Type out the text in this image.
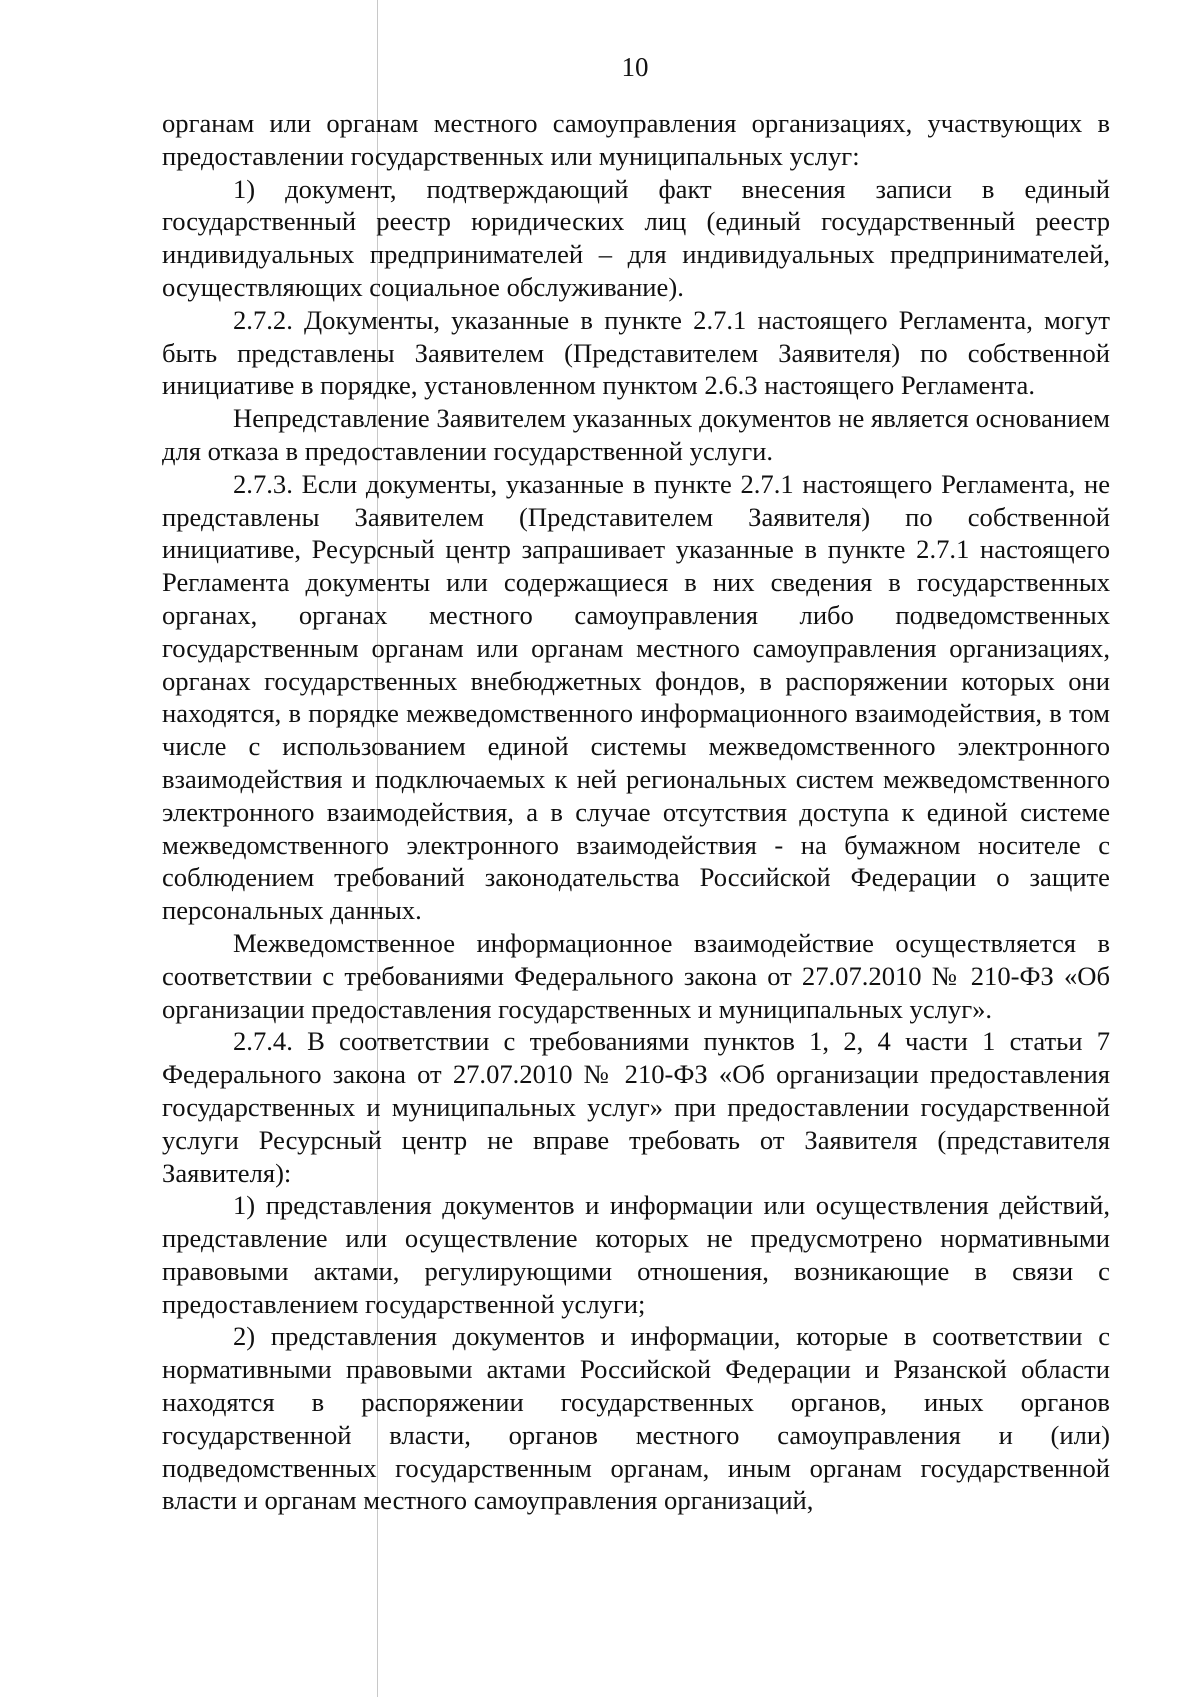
10

органам или органам местного самоуправления организациях, участвующих в предоставлении государственных или муниципальных услуг:

1) документ, подтверждающий факт внесения записи в единый государственный реестр юридических лиц (единый государственный реестр индивидуальных предпринимателей – для индивидуальных предпринимателей, осуществляющих социальное обслуживание).

2.7.2. Документы, указанные в пункте 2.7.1 настоящего Регламента, могут быть представлены Заявителем (Представителем Заявителя) по собственной инициативе в порядке, установленном пунктом 2.6.3 настоящего Регламента.

Непредставление Заявителем указанных документов не является основанием для отказа в предоставлении государственной услуги.

2.7.3. Если документы, указанные в пункте 2.7.1 настоящего Регламента, не представлены Заявителем (Представителем Заявителя) по собственной инициативе, Ресурсный центр запрашивает указанные в пункте 2.7.1 настоящего Регламента документы или содержащиеся в них сведения в государственных органах, органах местного самоуправления либо подведомственных государственным органам или органам местного самоуправления организациях, органах государственных внебюджетных фондов, в распоряжении которых они находятся, в порядке межведомственного информационного взаимодействия, в том числе с использованием единой системы межведомственного электронного взаимодействия и подключаемых к ней региональных систем межведомственного электронного взаимодействия, а в случае отсутствия доступа к единой системе межведомственного электронного взаимодействия - на бумажном носителе с соблюдением требований законодательства Российской Федерации о защите персональных данных.

Межведомственное информационное взаимодействие осуществляется в соответствии с требованиями Федерального закона от 27.07.2010 № 210-ФЗ «Об организации предоставления государственных и муниципальных услуг».

2.7.4. В соответствии с требованиями пунктов 1, 2, 4 части 1 статьи 7 Федерального закона от 27.07.2010 № 210-ФЗ «Об организации предоставления государственных и муниципальных услуг» при предоставлении государственной услуги Ресурсный центр не вправе требовать от Заявителя (представителя Заявителя):

1) представления документов и информации или осуществления действий, представление или осуществление которых не предусмотрено нормативными правовыми актами, регулирующими отношения, возникающие в связи с предоставлением государственной услуги;

2) представления документов и информации, которые в соответствии с нормативными правовыми актами Российской Федерации и Рязанской области находятся в распоряжении государственных органов, иных органов государственной власти, органов местного самоуправления и (или) подведомственных государственным органам, иным органам государственной власти и органам местного самоуправления организаций,
